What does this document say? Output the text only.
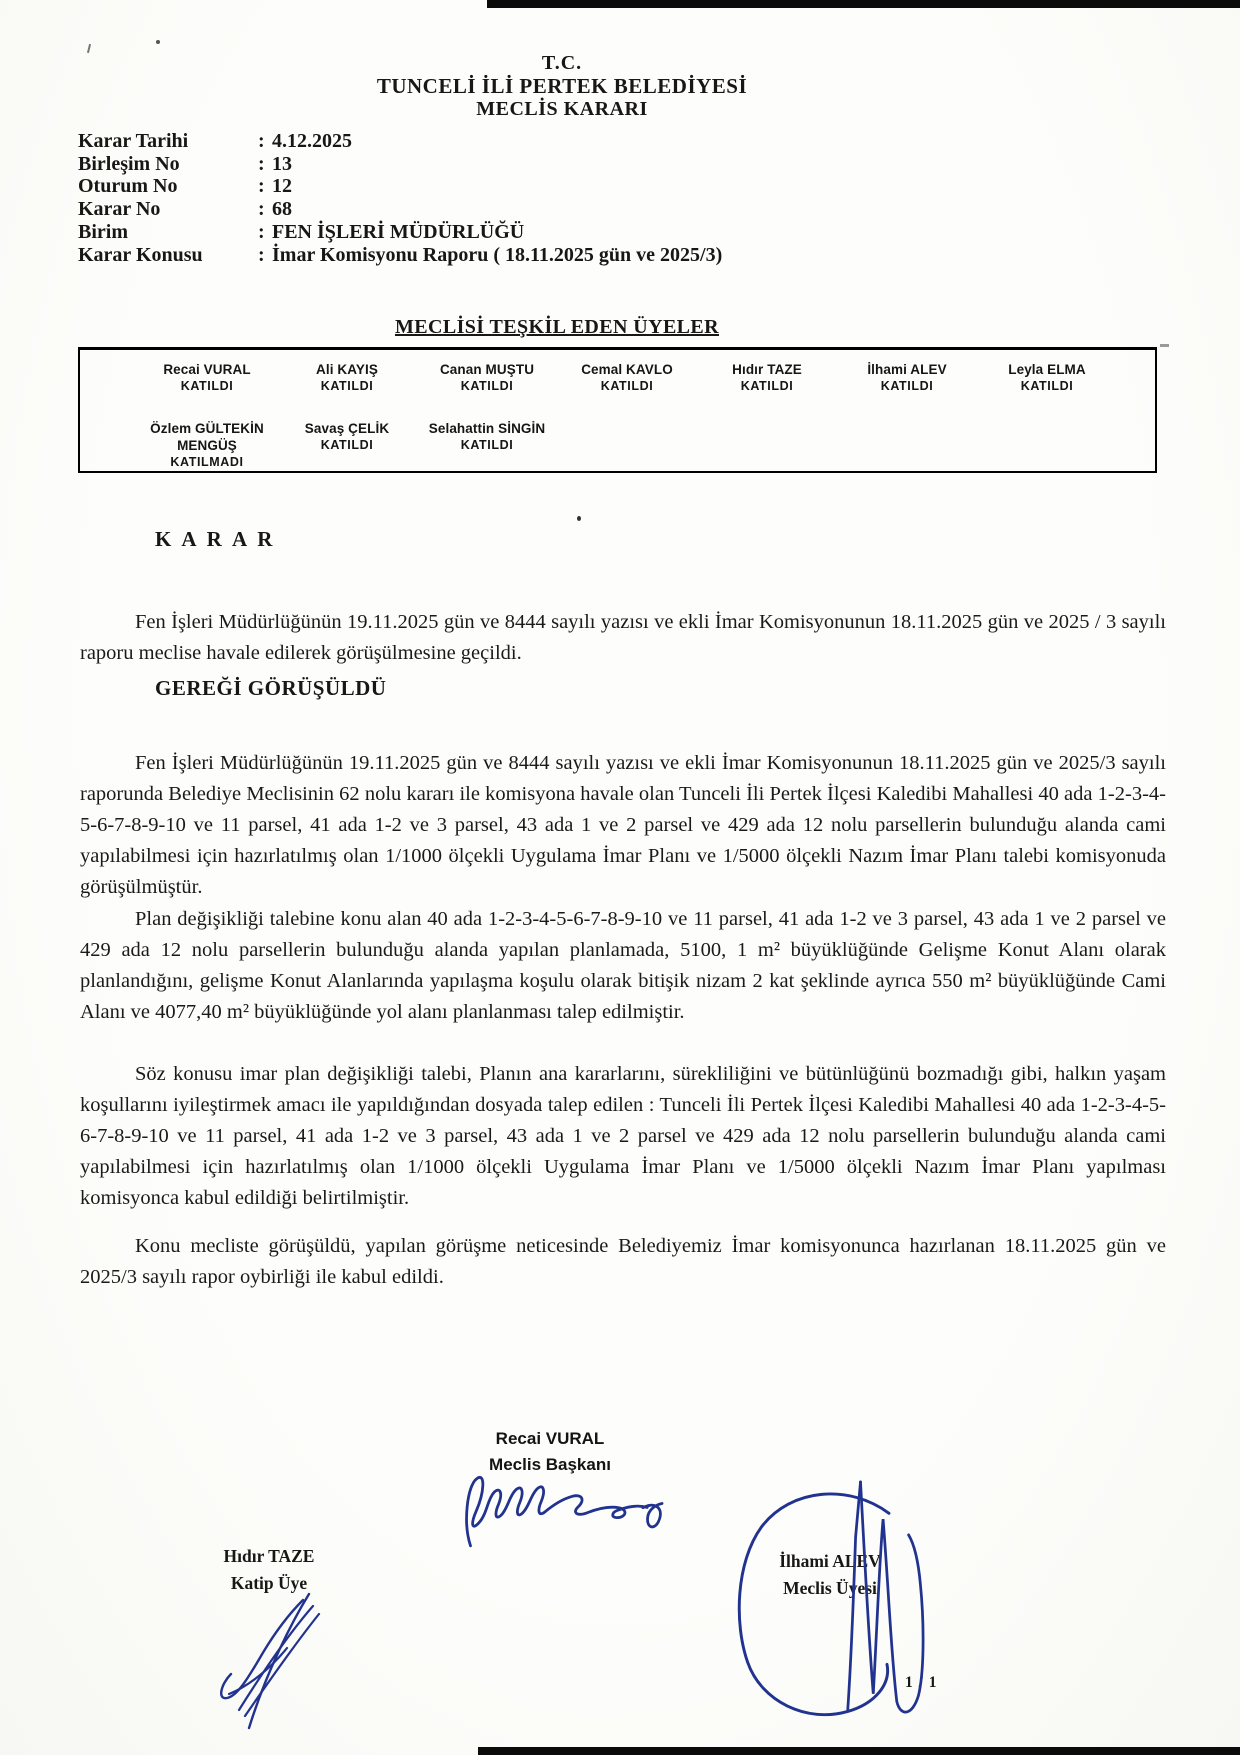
T.C.
TUNCELİ İLİ PERTEK BELEDİYESİ
MECLİS KARARI
Karar Tarihi	: 4.12.2025
Birleşim No	: 13
Oturum No	: 12
Karar No	: 68
Birim	: FEN İŞLERİ MÜDÜRLÜĞÜ
Karar Konusu	: İmar Komisyonu Raporu ( 18.11.2025 gün ve 2025/3)
MECLİSİ TEŞKİL EDEN ÜYELER
Recai VURAL
KATILDI
Ali KAYIŞ
KATILDI
Canan MUŞTU
KATILDI
Cemal KAVLO
KATILDI
Hıdır TAZE
KATILDI
İlhami ALEV
KATILDI
Leyla ELMA
KATILDI
Özlem GÜLTEKİN MENGÜŞ
KATILMADI
Savaş ÇELİK
KATILDI
Selahattin SİNGİN
KATILDI
K A R A R

Fen İşleri Müdürlüğünün 19.11.2025 gün ve 8444 sayılı yazısı ve ekli İmar Komisyonunun 18.11.2025 gün ve 2025 / 3 sayılı raporu meclise havale edilerek görüşülmesine geçildi.

GEREĞİ GÖRÜŞÜLDÜ

Fen İşleri Müdürlüğünün 19.11.2025 gün ve 8444 sayılı yazısı ve ekli İmar Komisyonunun 18.11.2025 gün ve 2025/3 sayılı raporunda Belediye Meclisinin 62 nolu kararı ile komisyona havale olan Tunceli İli Pertek İlçesi Kaledibi Mahallesi 40 ada 1-2-3-4-5-6-7-8-9-10 ve 11 parsel, 41 ada 1-2 ve 3 parsel, 43 ada 1 ve 2 parsel ve 429 ada 12 nolu parsellerin bulunduğu alanda cami yapılabilmesi için hazırlatılmış olan 1/1000 ölçekli Uygulama İmar Planı ve 1/5000 ölçekli Nazım İmar Planı talebi komisyonuda görüşülmüştür.

Plan değişikliği talebine konu alan 40 ada 1-2-3-4-5-6-7-8-9-10 ve 11 parsel, 41 ada 1-2 ve 3 parsel, 43 ada 1 ve 2 parsel ve 429 ada 12 nolu parsellerin bulunduğu alanda yapılan planlamada, 5100, 1 m² büyüklüğünde Gelişme Konut Alanı olarak planlandığını, gelişme Konut Alanlarında yapılaşma koşulu olarak bitişik nizam 2 kat şeklinde ayrıca 550 m² büyüklüğünde Cami Alanı ve 4077,40 m² büyüklüğünde yol alanı planlanması talep edilmiştir.

Söz konusu imar plan değişikliği talebi, Planın ana kararlarını, sürekliliğini ve bütünlüğünü bozmadığı gibi, halkın yaşam koşullarını iyileştirmek amacı ile yapıldığından dosyada talep edilen : Tunceli İli Pertek İlçesi Kaledibi Mahallesi 40 ada 1-2-3-4-5-6-7-8-9-10 ve 11 parsel, 41 ada 1-2 ve 3 parsel, 43 ada 1 ve 2 parsel ve 429 ada 12 nolu parsellerin bulunduğu alanda cami yapılabilmesi için hazırlatılmış olan 1/1000 ölçekli Uygulama İmar Planı ve 1/5000 ölçekli Nazım İmar Planı yapılması komisyonca kabul edildiği belirtilmiştir.

Konu mecliste görüşüldü, yapılan görüşme neticesinde Belediyemiz İmar komisyonunca hazırlanan 18.11.2025 gün ve 2025/3 sayılı rapor oybirliği ile kabul edildi.

Recai VURAL
Meclis Başkanı
Hıdır TAZE
Katip Üye
İlhami ALEV
Meclis Üyesi
1 / 1
